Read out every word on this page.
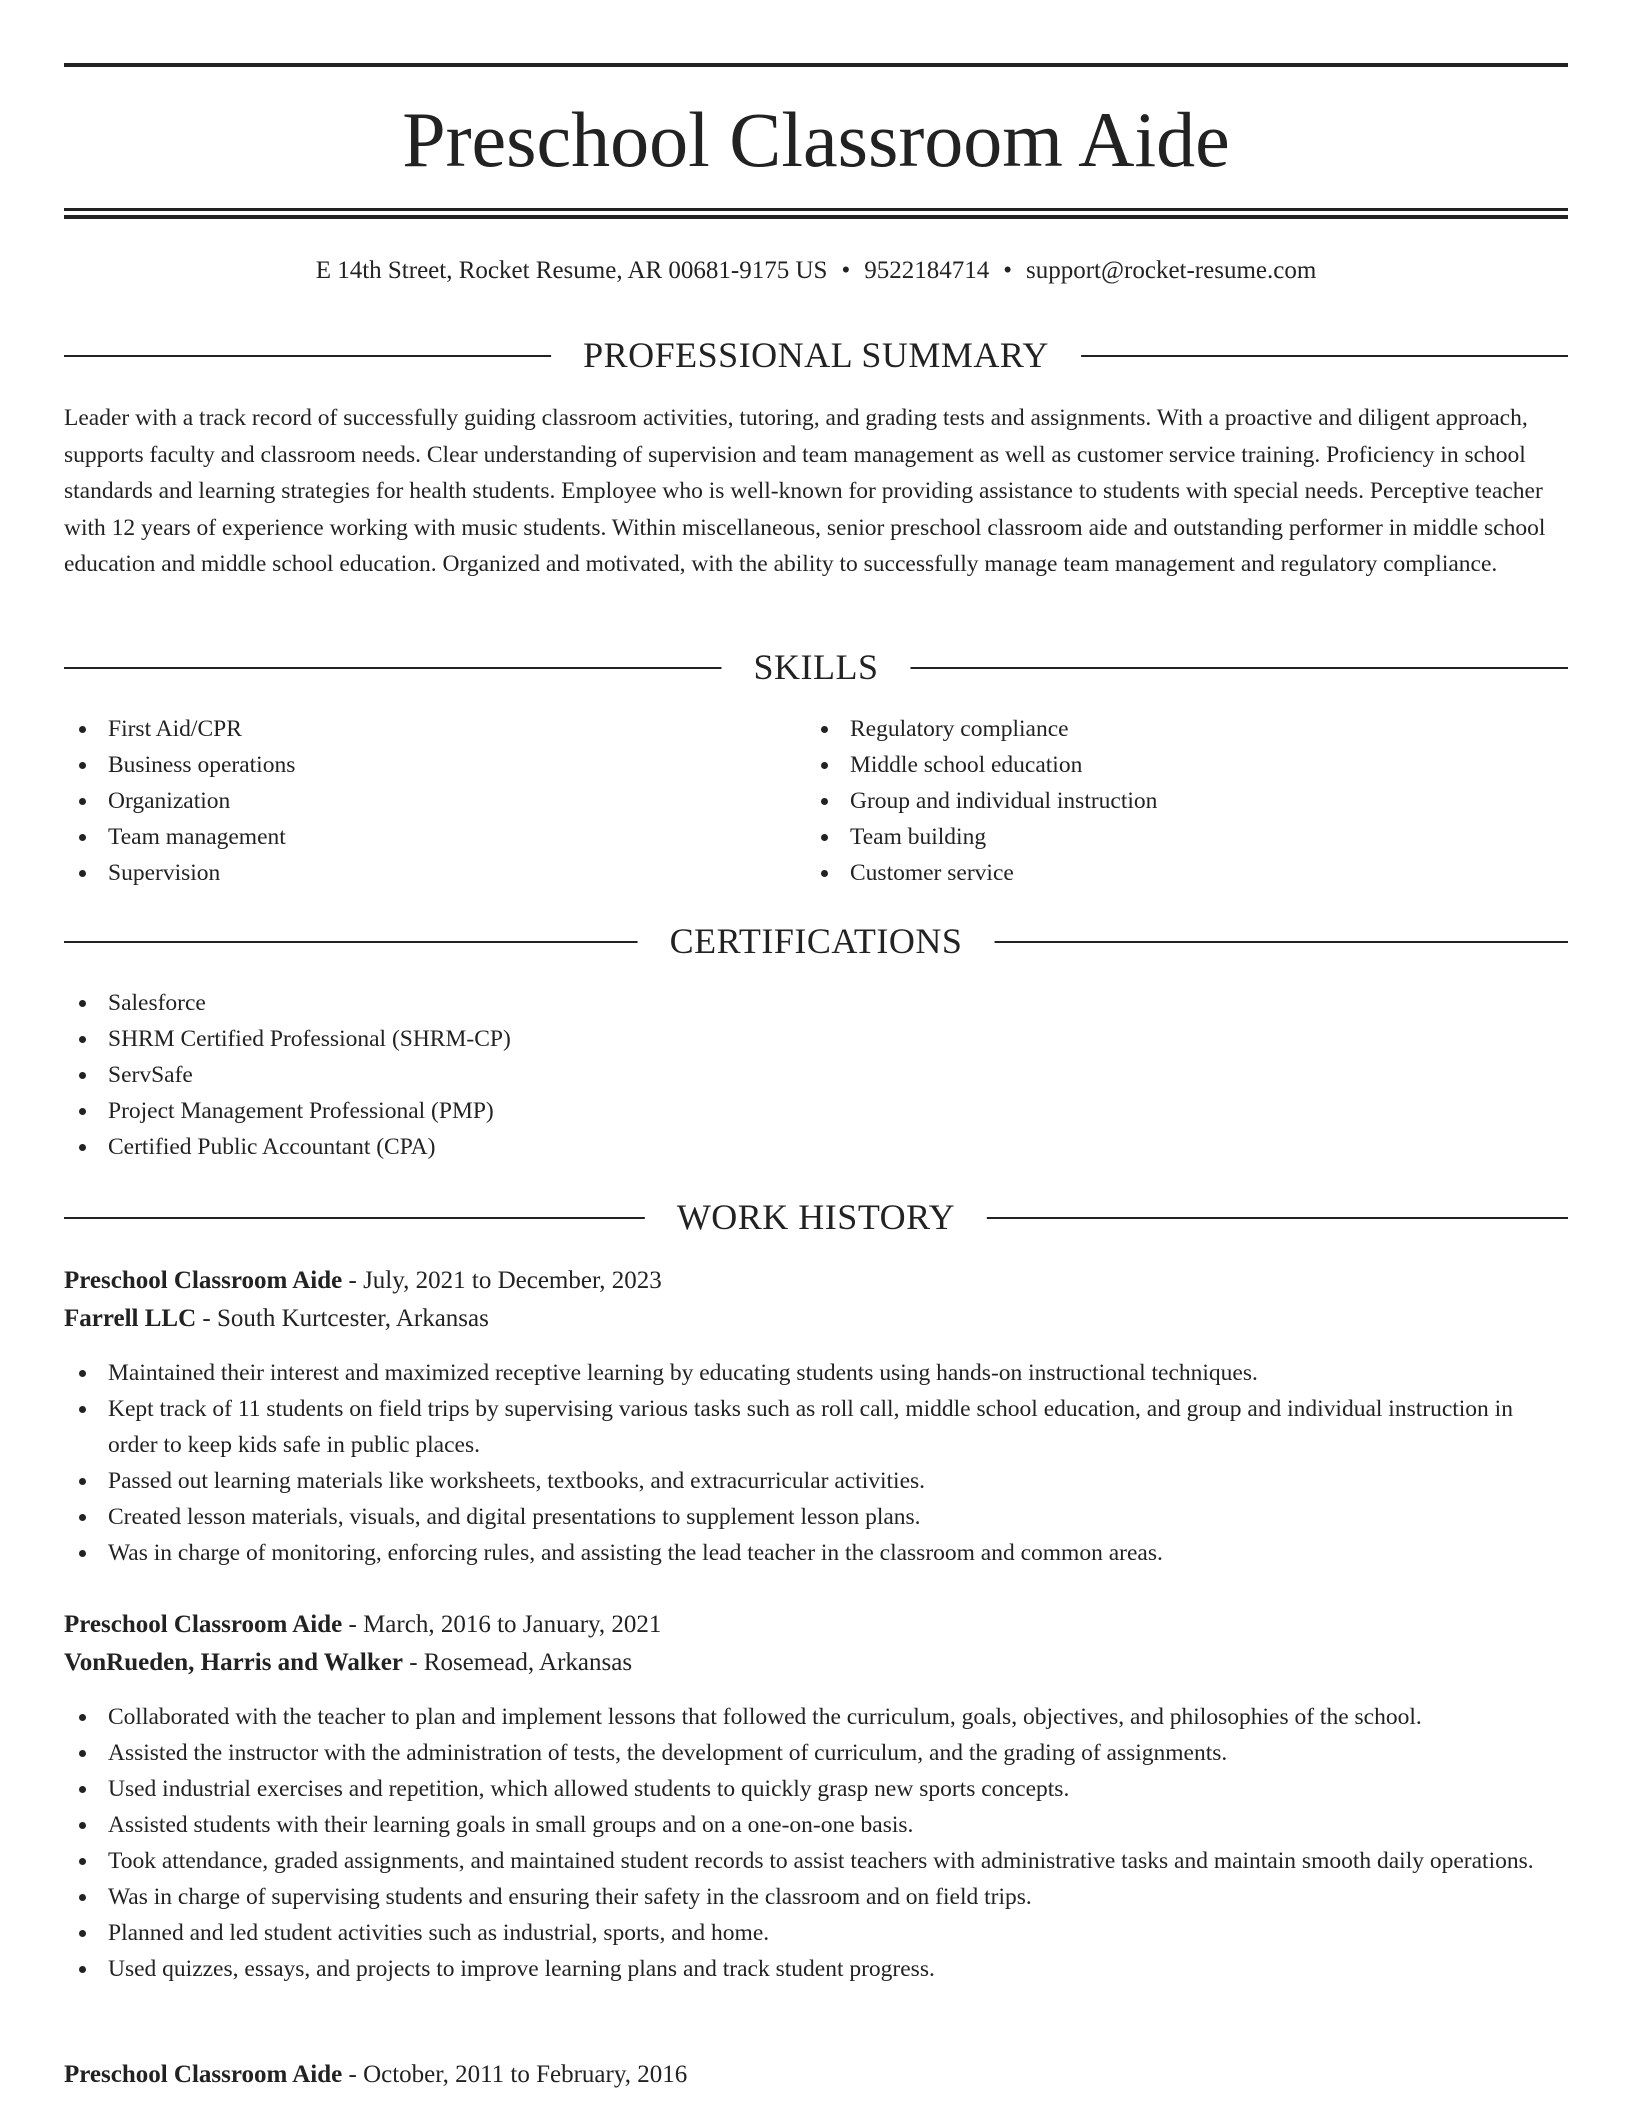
Preschool Classroom Aide
E 14th Street, Rocket Resume, AR 00681-9175 US • 9522184714 • support@rocket-resume.com
PROFESSIONAL SUMMARY

Leader with a track record of successfully guiding classroom activities, tutoring, and grading tests and assignments. With a proactive and diligent approach, supports faculty and classroom needs. Clear understanding of supervision and team management as well as customer service training. Proficiency in school standards and learning strategies for health students. Employee who is well-known for providing assistance to students with special needs. Perceptive teacher with 12 years of experience working with music students. Within miscellaneous, senior preschool classroom aide and outstanding performer in middle school education and middle school education. Organized and motivated, with the ability to successfully manage team management and regulatory compliance.

SKILLS
First Aid/CPR
Business operations
Organization
Team management
Supervision
Regulatory compliance
Middle school education
Group and individual instruction
Team building
Customer service
CERTIFICATIONS
Salesforce
SHRM Certified Professional (SHRM-CP)
ServSafe
Project Management Professional (PMP)
Certified Public Accountant (CPA)
WORK HISTORY
Preschool Classroom Aide - July, 2021 to December, 2023
Farrell LLC - South Kurtcester, Arkansas
Maintained their interest and maximized receptive learning by educating students using hands-on instructional techniques.
Kept track of 11 students on field trips by supervising various tasks such as roll call, middle school education, and group and individual instruction in order to keep kids safe in public places.
Passed out learning materials like worksheets, textbooks, and extracurricular activities.
Created lesson materials, visuals, and digital presentations to supplement lesson plans.
Was in charge of monitoring, enforcing rules, and assisting the lead teacher in the classroom and common areas.
Preschool Classroom Aide - March, 2016 to January, 2021
VonRueden, Harris and Walker - Rosemead, Arkansas
Collaborated with the teacher to plan and implement lessons that followed the curriculum, goals, objectives, and philosophies of the school.
Assisted the instructor with the administration of tests, the development of curriculum, and the grading of assignments.
Used industrial exercises and repetition, which allowed students to quickly grasp new sports concepts.
Assisted students with their learning goals in small groups and on a one-on-one basis.
Took attendance, graded assignments, and maintained student records to assist teachers with administrative tasks and maintain smooth daily operations.
Was in charge of supervising students and ensuring their safety in the classroom and on field trips.
Planned and led student activities such as industrial, sports, and home.
Used quizzes, essays, and projects to improve learning plans and track student progress.
Preschool Classroom Aide - October, 2011 to February, 2016
